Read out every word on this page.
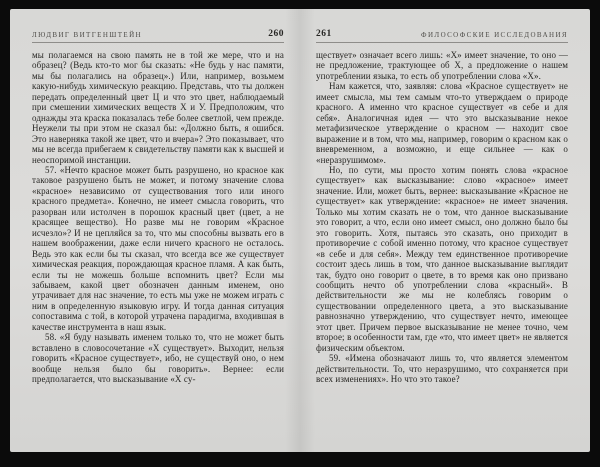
ЛЮДВИГ ВИТГЕНШТЕЙН	260

мы полагаемся на свою память не в той же мере, что и на образец? (Ведь кто-то мог бы сказать: «Не будь у нас памяти, мы бы полагались на образец».) Или, например, возьмем какую-нибудь химическую реакцию. Представь, что ты должен передать определенный цвет Ц и что это цвет, наблюдаемый при смешении химических веществ Х и У. Предположим, что однажды эта краска показалась тебе более светлой, чем прежде. Неужели ты при этом не сказал бы: «Должно быть, я ошибся. Это наверняка такой же цвет, что и вчера»? Это показывает, что мы не всегда прибегаем к свидетельству памяти как к высшей и неоспоримой инстанции.

57. «Нечто красное может быть разрушено, но красное как таковое разрушено быть не может, и потому значение слова «красное» независимо от существования того или иного красного предмета». Конечно, не имеет смысла говорить, что разорван или истолчен в порошок красный цвет (цвет, а не красящее вещество). Но разве мы не говорим «Красное исчезло»? И не цепляйся за то, что мы способны вызвать его в нашем воображении, даже если ничего красного не осталось. Ведь это как если бы ты сказал, что всегда все же существует химическая реакция, порождающая красное пламя. А как быть, если ты не можешь больше вспомнить цвет? Если мы забываем, какой цвет обозначен данным именем, оно утрачивает для нас значение, то есть мы уже не можем играть с ним в определенную языковую игру. И тогда данная ситуация сопоставима с той, в которой утрачена парадигма, входившая в качестве инструмента в наш язык.

58. «Я буду называть именем только то, что не может быть вставлено в словосочетание «Х существует». Выходит, нельзя говорить «Красное существует», ибо, не существуй оно, о нем вообще нельзя было бы говорить». Вернее: если предполагается, что высказывание «Х су-

261	ФИЛОСОФСКИЕ ИССЛЕДОВАНИЯ

ществует» означает всего лишь: «Х» имеет значение, то оно — не предложение, трактующее об Х, а предложение о нашем употреблении языка, то есть об употреблении слова «Х».

Нам кажется, что, заявляя: слова «Красное существует» не имеет смысла, мы тем самым что-то утверждаем о природе красного. А именно что красное существует «в себе и для себя». Аналогичная идея — что это высказывание некое метафизическое утверждение о красном — находит свое выражение и в том, что мы, например, говорим о красном как о вневременном, а возможно, и еще сильнее — как о «неразрушимом».

Но, по сути, мы просто хотим понять слова «красное существует» как высказывание: слово «красное» имеет значение. Или, может быть, вернее: высказывание «Красное не существует» как утверждение: «красное» не имеет значения. Только мы хотим сказать не о том, что данное высказывание это говорит, а что, если оно имеет смысл, оно должно было бы это говорить. Хотя, пытаясь это сказать, оно приходит в противоречие с собой именно потому, что красное существует «в себе и для себя». Между тем единственное противоречие состоит здесь лишь в том, что данное высказывание выглядит так, будто оно говорит о цвете, в то время как оно призвано сообщить нечто об употреблении слова «красный». В действительности же мы не колеблясь говорим о существовании определенного цвета, а это высказывание равнозначно утверждению, что существует нечто, имеющее этот цвет. Причем первое высказывание не менее точно, чем второе; в особенности там, где «то, что имеет цвет» не является физическим объектом.

59. «Имена обозначают лишь то, что является элементом действительности. То, что неразрушимо, что сохраняется при всех изменениях». Но что это такое?
